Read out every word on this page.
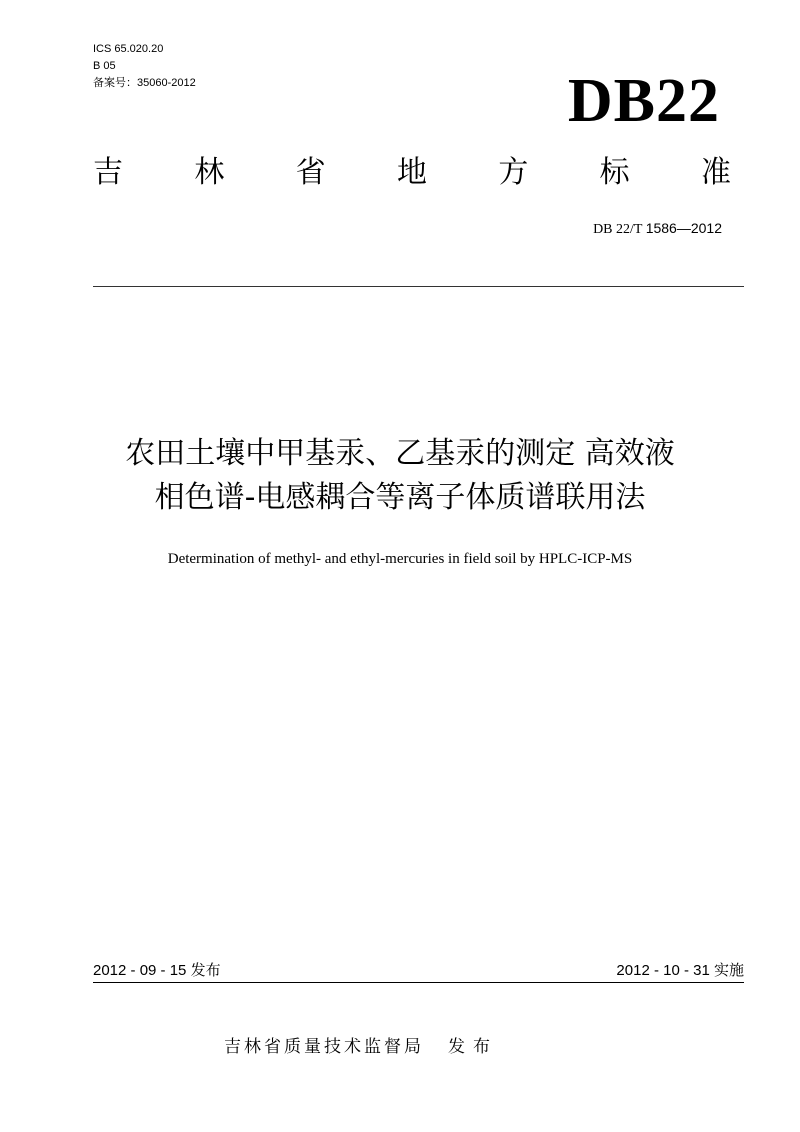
ICS 65.020.20
B 05
备案号：35060-2012	DB22
吉 林 省 地 方 标 准
DB 22/T 1586—2012
农田土壤中甲基汞、乙基汞的测定 高效液
相色谱-电感耦合等离子体质谱联用法
Determination of methyl- and ethyl-mercuries in field soil by HPLC-ICP-MS
2012 - 09 - 15 发布	2012 - 10 - 31 实施
吉林省质量技术监督局 发布
